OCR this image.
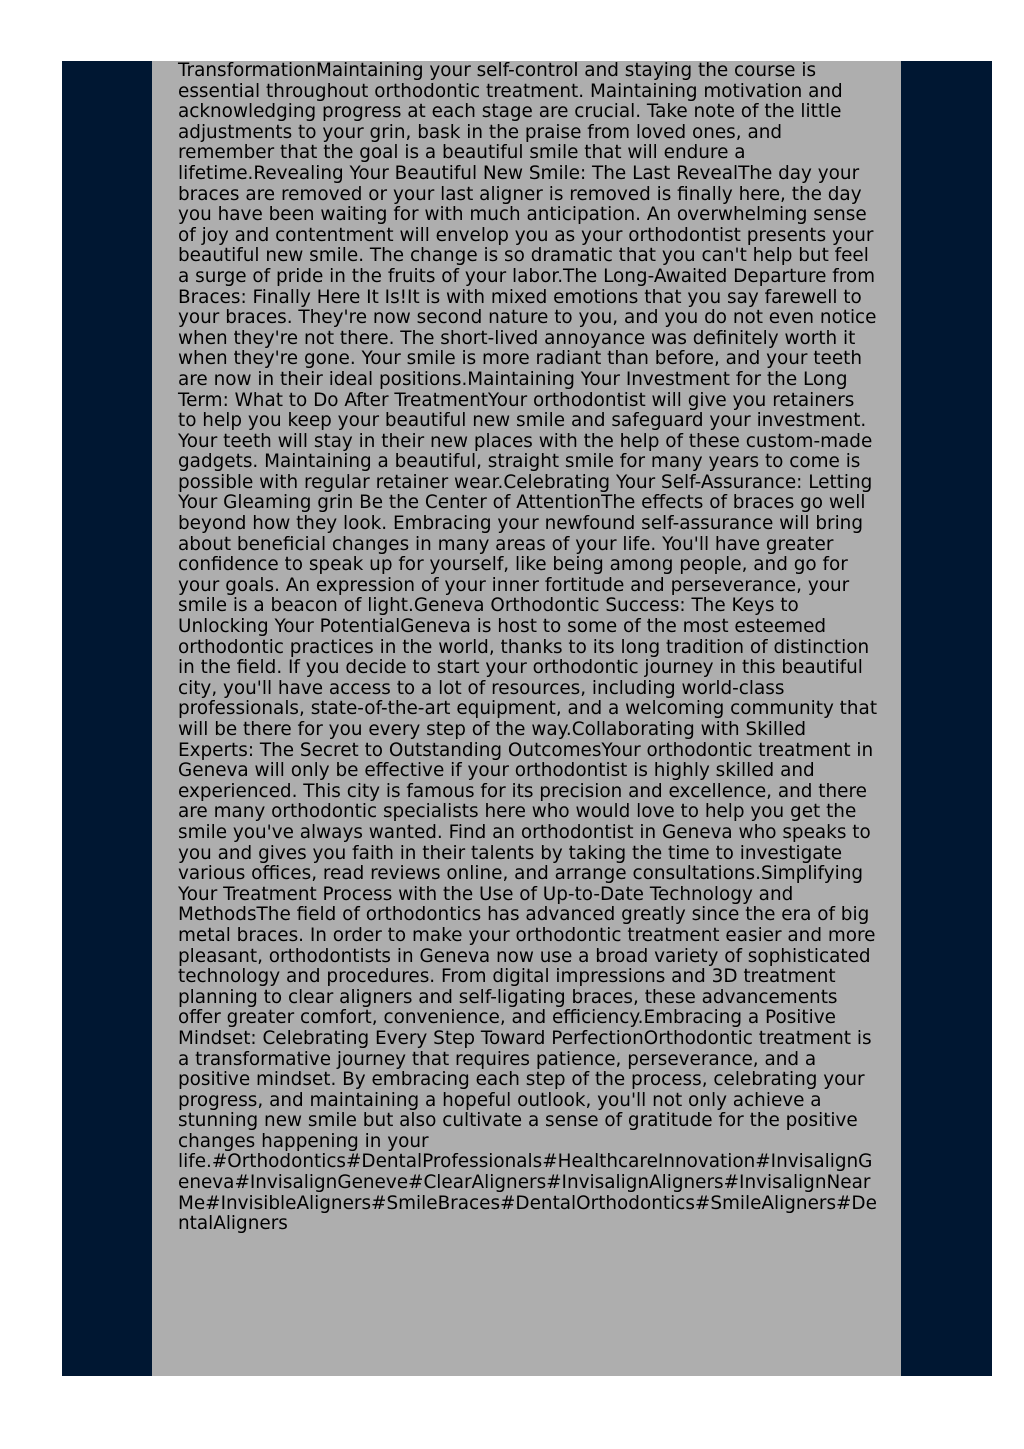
TransformationMaintaining your self-control and staying the course is essential throughout orthodontic treatment. Maintaining motivation and acknowledging progress at each stage are crucial. Take note of the little adjustments to your grin, bask in the praise from loved ones, and remember that the goal is a beautiful smile that will endure a lifetime.Revealing Your Beautiful New Smile: The Last RevealThe day your braces are removed or your last aligner is removed is finally here, the day you have been waiting for with much anticipation. An overwhelming sense of joy and contentment will envelop you as your orthodontist presents your beautiful new smile. The change is so dramatic that you can't help but feel a surge of pride in the fruits of your labor.The Long-Awaited Departure from Braces: Finally Here It Is!It is with mixed emotions that you say farewell to your braces. They're now second nature to you, and you do not even notice when they're not there. The short-lived annoyance was definitely worth it when they're gone. Your smile is more radiant than before, and your teeth are now in their ideal positions.Maintaining Your Investment for the Long Term: What to Do After TreatmentYour orthodontist will give you retainers to help you keep your beautiful new smile and safeguard your investment. Your teeth will stay in their new places with the help of these custom-made gadgets. Maintaining a beautiful, straight smile for many years to come is possible with regular retainer wear.Celebrating Your Self-Assurance: Letting Your Gleaming grin Be the Center of AttentionThe effects of braces go well beyond how they look. Embracing your newfound self-assurance will bring about beneficial changes in many areas of your life. You'll have greater confidence to speak up for yourself, like being among people, and go for your goals. An expression of your inner fortitude and perseverance, your smile is a beacon of light.Geneva Orthodontic Success: The Keys to Unlocking Your PotentialGeneva is host to some of the most esteemed orthodontic practices in the world, thanks to its long tradition of distinction in the field. If you decide to start your orthodontic journey in this beautiful city, you'll have access to a lot of resources, including world-class professionals, state-of-the-art equipment, and a welcoming community that will be there for you every step of the way.Collaborating with Skilled Experts: The Secret to Outstanding OutcomesYour orthodontic treatment in Geneva will only be effective if your orthodontist is highly skilled and experienced. This city is famous for its precision and excellence, and there are many orthodontic specialists here who would love to help you get the smile you've always wanted. Find an orthodontist in Geneva who speaks to you and gives you faith in their talents by taking the time to investigate various offices, read reviews online, and arrange consultations.Simplifying Your Treatment Process with the Use of Up-to-Date Technology and MethodsThe field of orthodontics has advanced greatly since the era of big metal braces. In order to make your orthodontic treatment easier and more pleasant, orthodontists in Geneva now use a broad variety of sophisticated technology and procedures. From digital impressions and 3D treatment planning to clear aligners and self-ligating braces, these advancements offer greater comfort, convenience, and efficiency.Embracing a Positive Mindset: Celebrating Every Step Toward PerfectionOrthodontic treatment is a transformative journey that requires patience, perseverance, and a positive mindset. By embracing each step of the process, celebrating your progress, and maintaining a hopeful outlook, you'll not only achieve a stunning new smile but also cultivate a sense of gratitude for the positive changes happening in your life.#Orthodontics#DentalProfessionals#HealthcareInnovation#InvisalignGeneva#InvisalignGeneve#ClearAligners#InvisalignAligners#InvisalignNearMe#InvisibleAligners#SmileBraces#DentalOrthodontics#SmileAligners#DentalAligners
